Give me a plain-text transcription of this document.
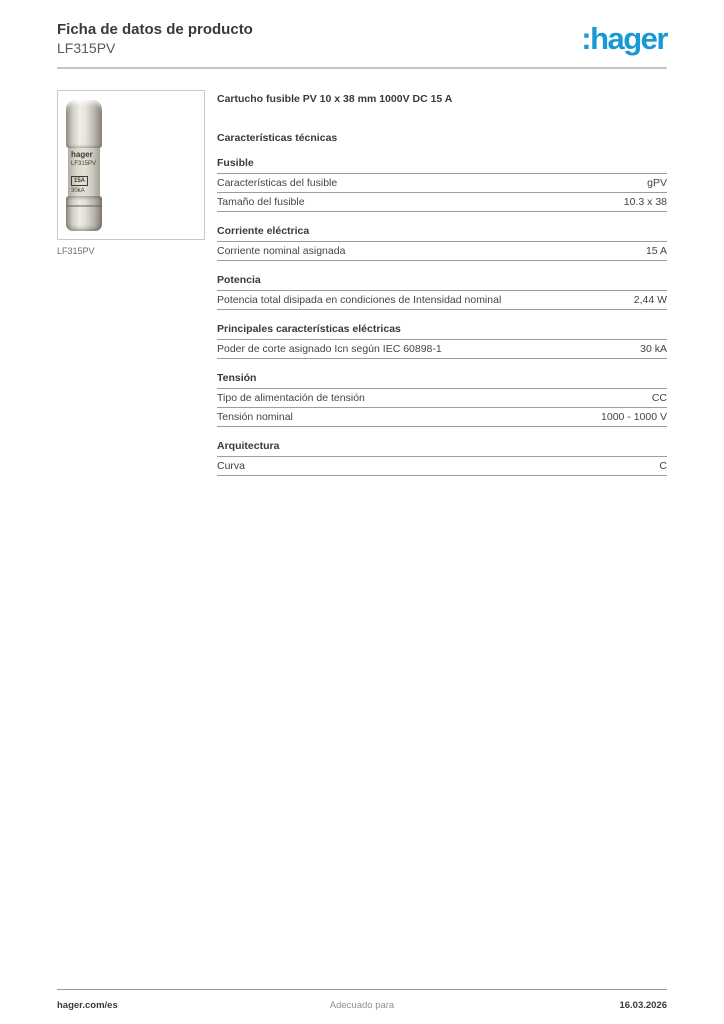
Ficha de datos de producto
LF315PV	:hager
hager
LF315PV
15A
30kA
LF315PV
Cartucho fusible PV 10 x 38 mm 1000V DC 15 A
Características técnicas
Fusible
Características del fusible	gPV
Tamaño del fusible	10.3 x 38
Corriente eléctrica
Corriente nominal asignada	15 A
Potencia
Potencia total disipada en condiciones de Intensidad nominal	2,44 W
Principales características eléctricas
Poder de corte asignado Icn según IEC 60898-1	30 kA
Tensión
Tipo de alimentación de tensión	CC
Tensión nominal	1000 - 1000 V
Arquitectura
Curva	C
Adecuado para
hager.com/es	16.03.2026
